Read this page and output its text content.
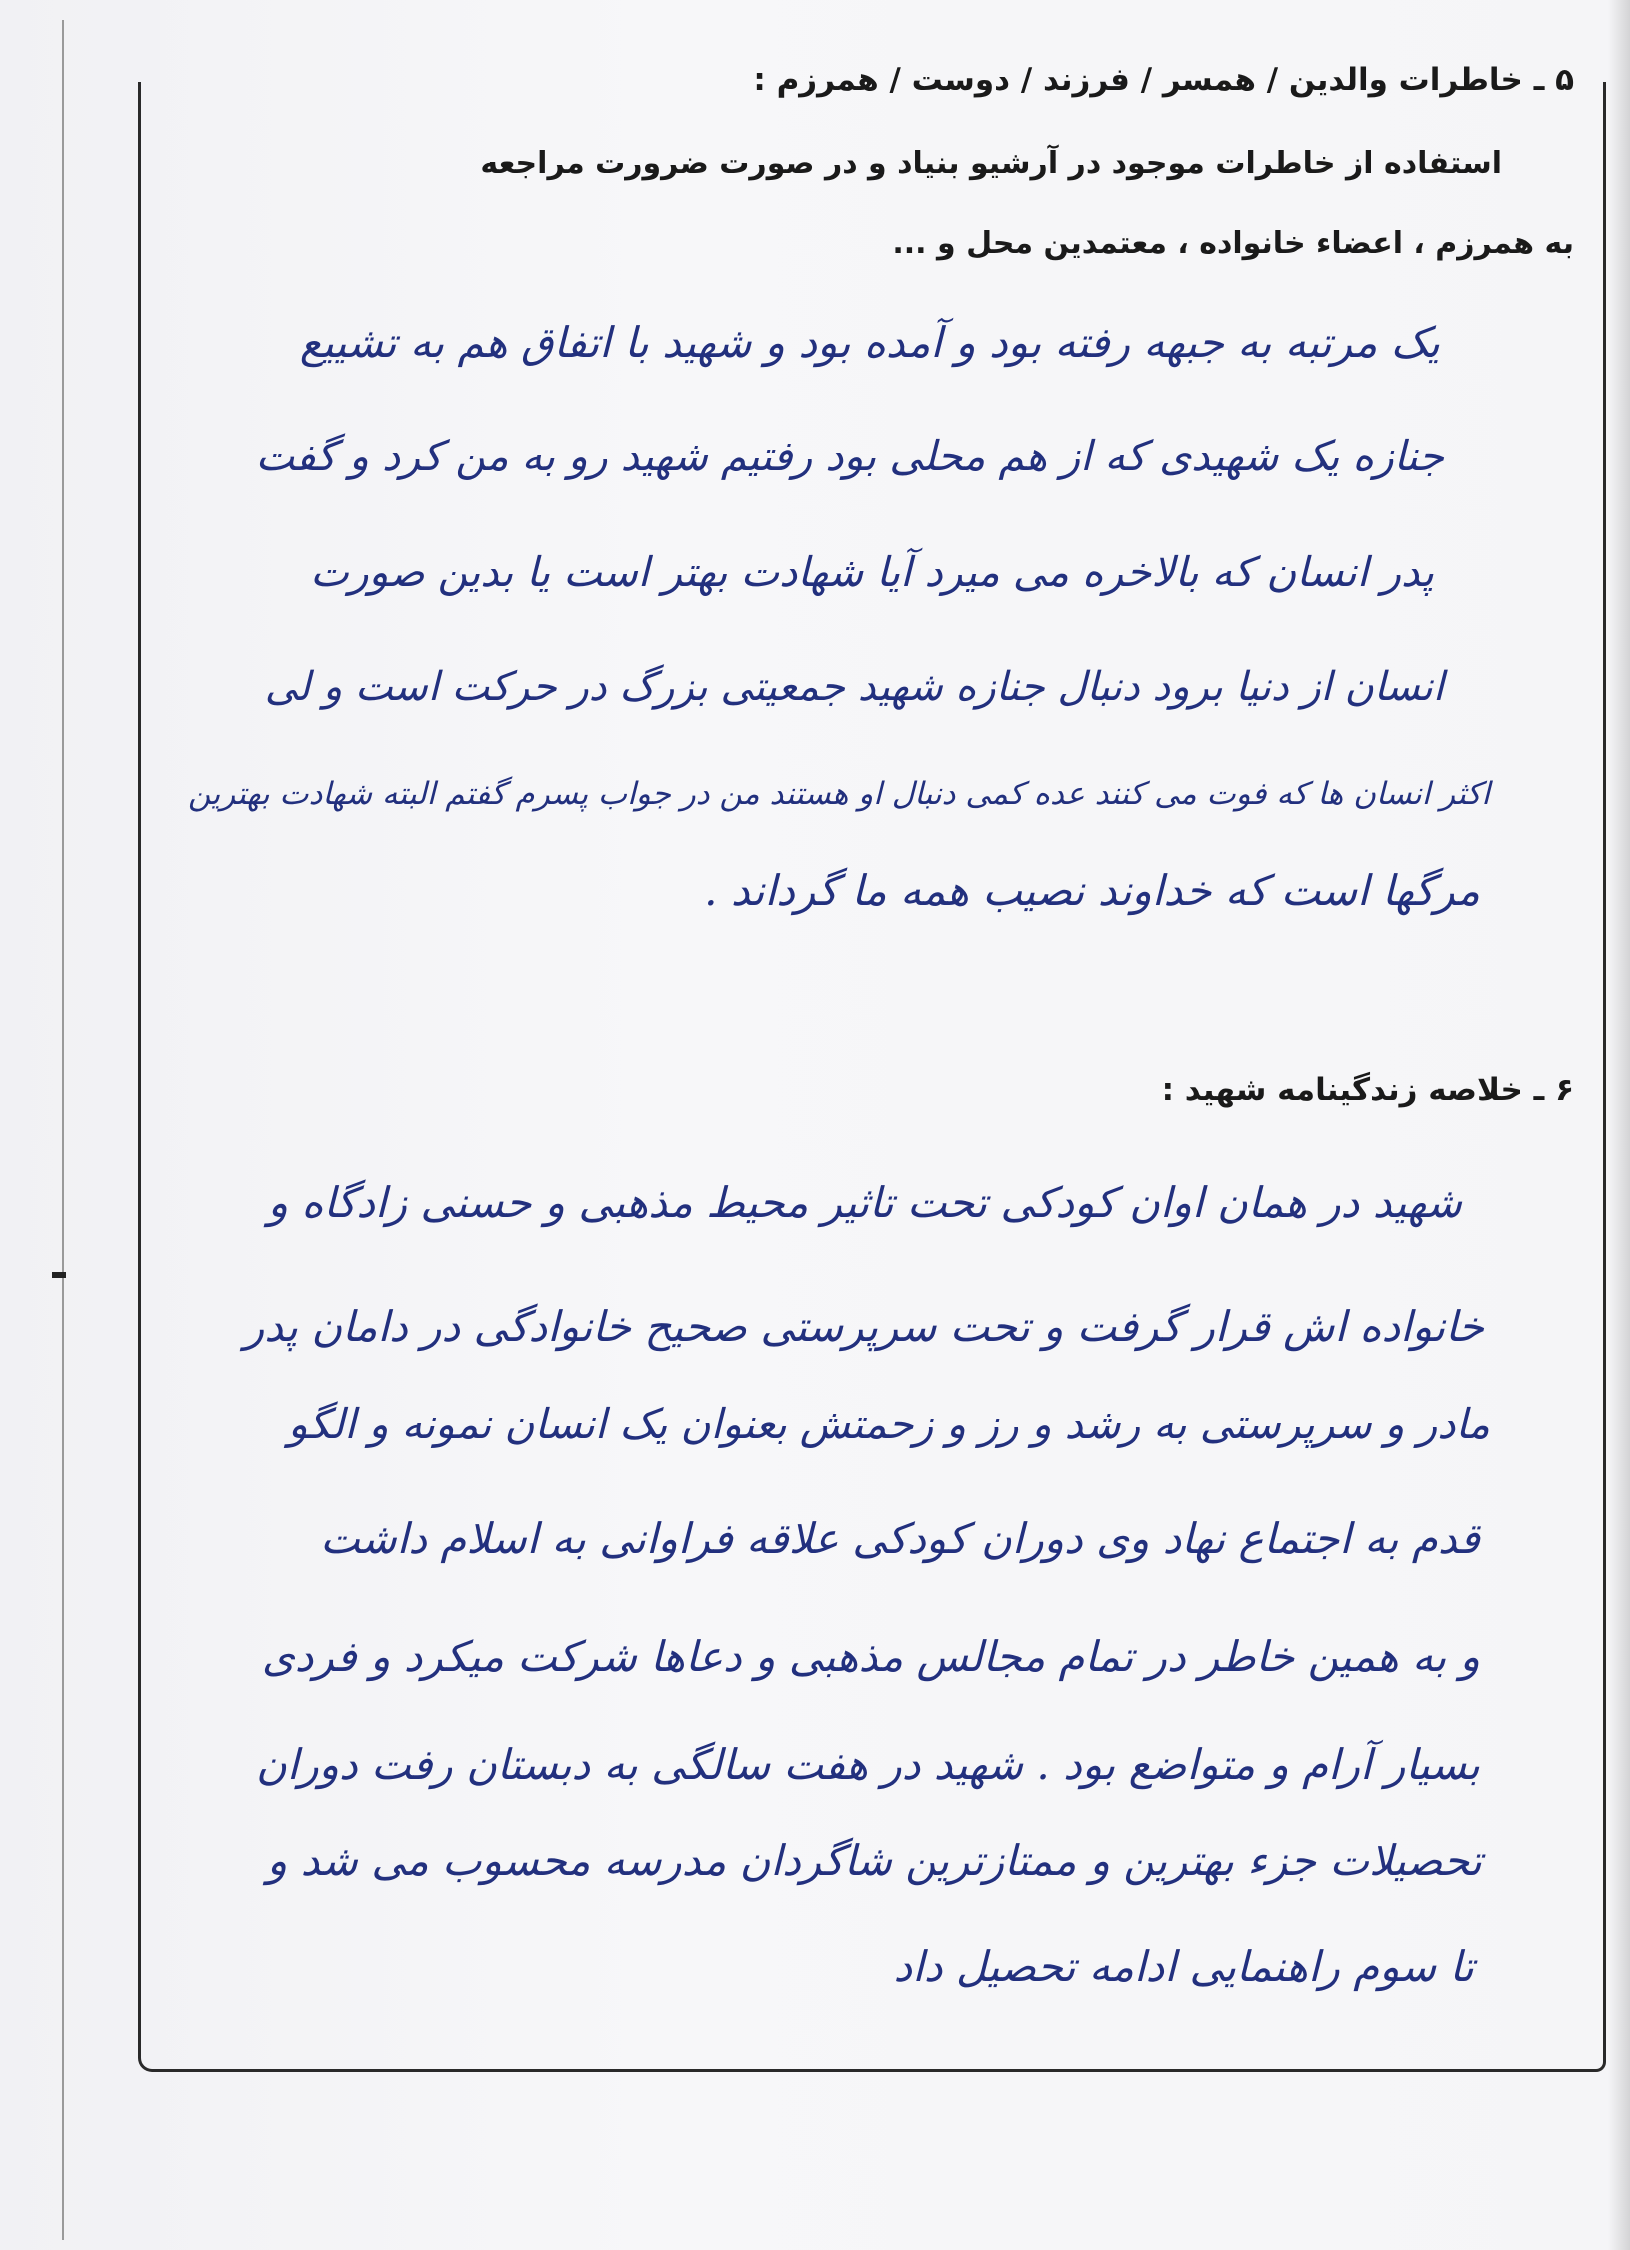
۵ ـ خاطرات والدین / همسر / فرزند / دوست / همرزم :
استفاده از خاطرات موجود در آرشیو بنیاد و در صورت ضرورت مراجعه
به همرزم ، اعضاء خانواده ، معتمدین محل و ...
یک مرتبه به جبهه رفته بود و آمده بود و شهید با اتفاق هم به تشییع
جنازه یک شهیدی که از هم محلی بود رفتیم شهید رو به من کرد و گفت
پدر انسان که بالاخره می میرد آیا شهادت بهتر است یا بدین صورت
انسان از دنیا برود دنبال جنازه شهید جمعیتی بزرگ در حرکت است و لی
اکثر انسان ها که فوت می کنند عده کمی دنبال او هستند من در جواب پسرم گفتم البته شهادت بهترین
مرگها است که خداوند نصیب همه ما گرداند .
۶ ـ خلاصه زندگینامه شهید :
شهید در همان اوان کودکی تحت تاثیر محیط مذهبی و حسنی زادگاه و
خانواده اش قرار گرفت و تحت سرپرستی صحیح خانوادگی در دامان پدر
مادر و سرپرستی به رشد و رز و زحمتش بعنوان یک انسان نمونه و الگو
قدم به اجتماع نهاد وی دوران کودکی علاقه فراوانی به اسلام داشت
و به همین خاطر در تمام مجالس مذهبی و دعاها شرکت میکرد و فردی
بسیار آرام و متواضع بود . شهید در هفت سالگی به دبستان رفت دوران
تحصیلات جزء بهترین و ممتازترین شاگردان مدرسه محسوب می شد و
تا سوم راهنمایی ادامه تحصیل داد
